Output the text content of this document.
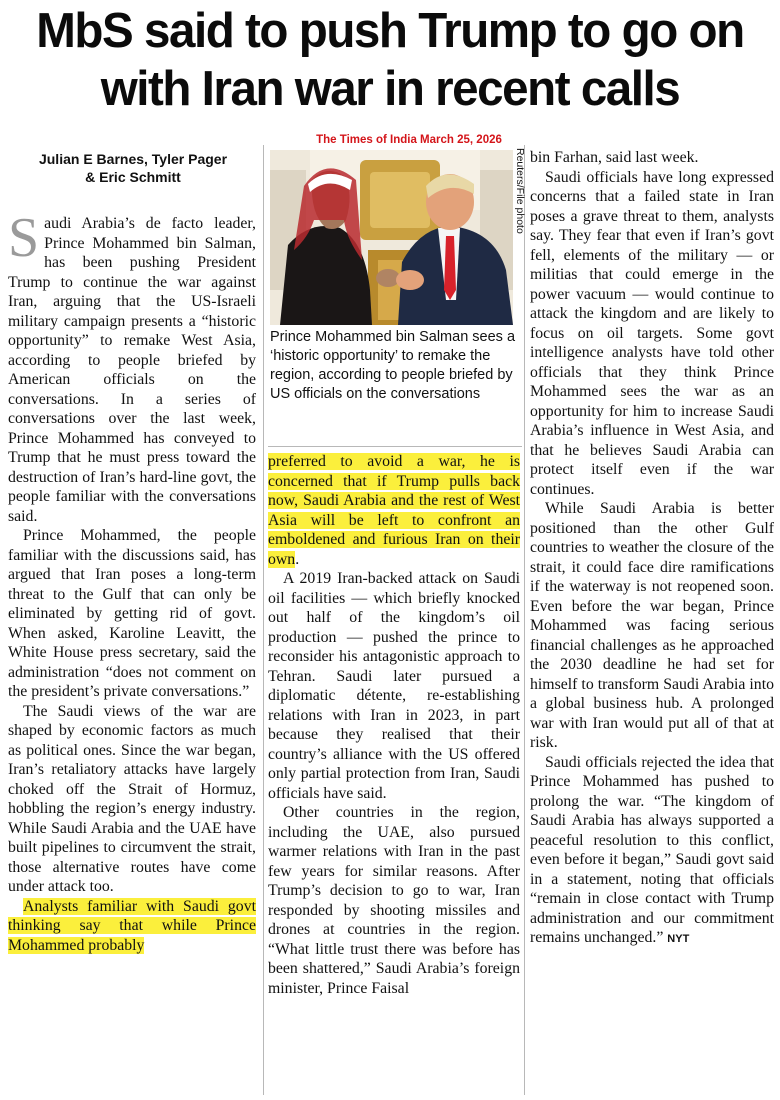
MbS said to push Trump to go on with Iran war in recent calls
The Times of India March 25, 2026
Julian E Barnes, Tyler Pager
& Eric Schmitt	Reuters/File photo
Prince Mohammed bin Salman sees a ‘historic opportunity’ to remake the region, according to people briefed by US officials on the conversations

Saudi Arabia’s de facto leader, Prince Mohammed bin Salman, has been pushing President Trump to continue the war against Iran, arguing that the US-Israeli military campaign presents a “historic opportunity” to remake West Asia, according to people briefed by American officials on the conversations. In a series of conversations over the last week, Prince Mohammed has conveyed to Trump that he must press toward the destruction of Iran’s hard-line govt, the people familiar with the conversations said.

Prince Mohammed, the people familiar with the discussions said, has argued that Iran poses a long-term threat to the Gulf that can only be eliminated by getting rid of govt. When asked, Karoline Leavitt, the White House press secretary, said the administration “does not comment on the president’s private conversations.”

The Saudi views of the war are shaped by economic factors as much as political ones. Since the war began, Iran’s retaliatory attacks have largely choked off the Strait of Hormuz, hobbling the region’s energy industry. While Saudi Arabia and the UAE have built pipelines to circumvent the strait, those alternative routes have come under attack too.

Analysts familiar with Saudi govt thinking say that while Prince Mohammed probably

preferred to avoid a war, he is concerned that if Trump pulls back now, Saudi Arabia and the rest of West Asia will be left to confront an emboldened and furious Iran on their own.

A 2019 Iran-backed attack on Saudi oil facilities — which briefly knocked out half of the kingdom’s oil production — pushed the prince to reconsider his antagonistic approach to Tehran. Saudi later pursued a diplomatic détente, re-establishing relations with Iran in 2023, in part because they realised that their country’s alliance with the US offered only partial protection from Iran, Saudi officials have said.

Other countries in the region, including the UAE, also pursued warmer relations with Iran in the past few years for similar reasons. After Trump’s decision to go to war, Iran responded by shooting missiles and drones at countries in the region. “What little trust there was before has been shattered,” Saudi Arabia’s foreign minister, Prince Faisal

bin Farhan, said last week.

Saudi officials have long expressed concerns that a failed state in Iran poses a grave threat to them, analysts say. They fear that even if Iran’s govt fell, elements of the military — or militias that could emerge in the power vacuum — would continue to attack the kingdom and are likely to focus on oil targets. Some govt intelligence analysts have told other officials that they think Prince Mohammed sees the war as an opportunity for him to increase Saudi Arabia’s influence in West Asia, and that he believes Saudi Arabia can protect itself even if the war continues.

While Saudi Arabia is better positioned than the other Gulf countries to weather the closure of the strait, it could face dire ramifications if the waterway is not reopened soon. Even before the war began, Prince Mohammed was facing serious financial challenges as he approached the 2030 deadline he had set for himself to transform Saudi Arabia into a global business hub. A prolonged war with Iran would put all of that at risk.

Saudi officials rejected the idea that Prince Mohammed has pushed to prolong the war. “The kingdom of Saudi Arabia has always supported a peaceful resolution to this conflict, even before it began,” Saudi govt said in a statement, noting that officials “remain in close contact with Trump administration and our commitment remains unchanged.” NYT
